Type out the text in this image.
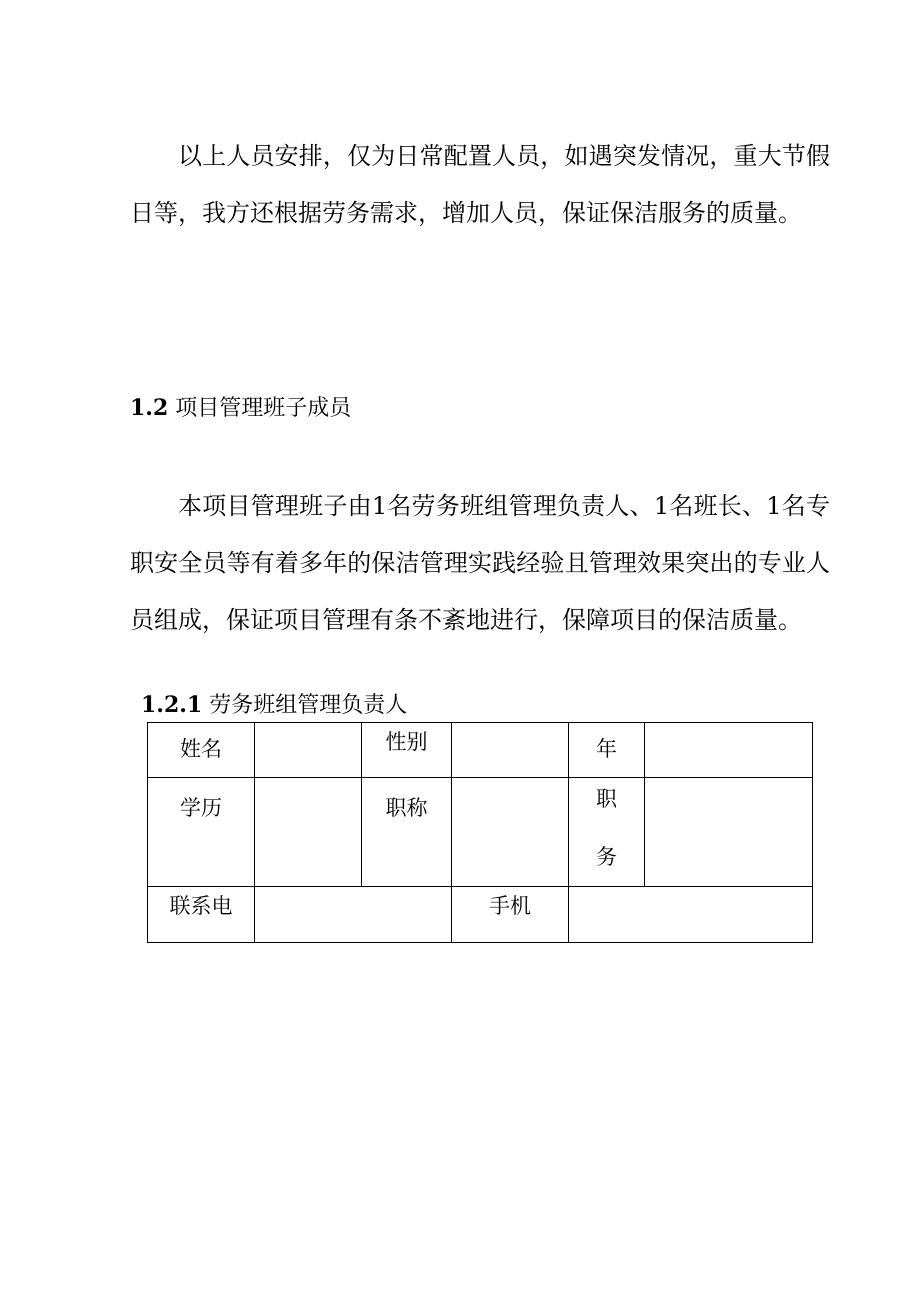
以上人员安排，仅为日常配置人员，如遇突发情况，重大节假日等，我方还根据劳务需求，增加人员，保证保洁服务的质量。

1.2 项目管理班子成员

本项目管理班子由1名劳务班组管理负责人、1名班长、1名专职安全员等有着多年的保洁管理实践经验且管理效果突出的专业人员组成，保证项目管理有条不紊地进行，保障项目的保洁质量。

1.2.1 劳务班组管理负责人
姓名		性别		年	

学历		职称		职务	

联系电			手机		
